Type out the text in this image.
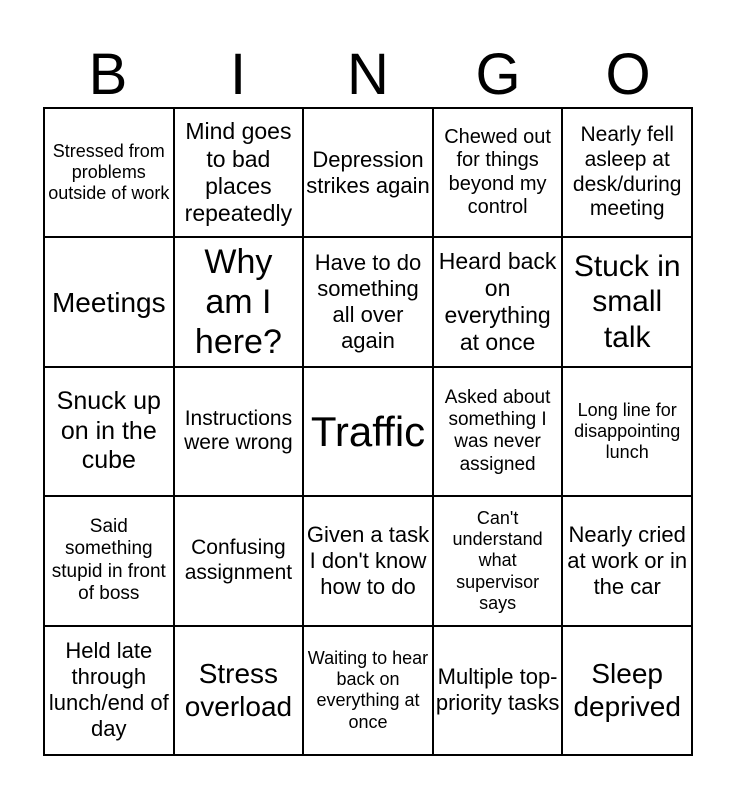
B	I	N	G	O
Stressed from problems outside of work
Mind goes to bad places repeatedly
Depression strikes again
Chewed out for things beyond my control
Nearly fell asleep at desk/during meeting
Meetings
Why am I here?
Have to do something all over again
Heard back on everything at once
Stuck in small talk
Snuck up on in the cube
Instructions were wrong Traffic
Asked about something I was never assigned
Long line for disappointing lunch
Said something stupid in front of boss
Confusing assignment
Given a task I don't know how to do
Can't understand what supervisor says
Nearly cried at work or in the car
Held late through lunch/end of day
Stress overload
Waiting to hear back on everything at once
Multiple top-priority tasks
Sleep deprived
